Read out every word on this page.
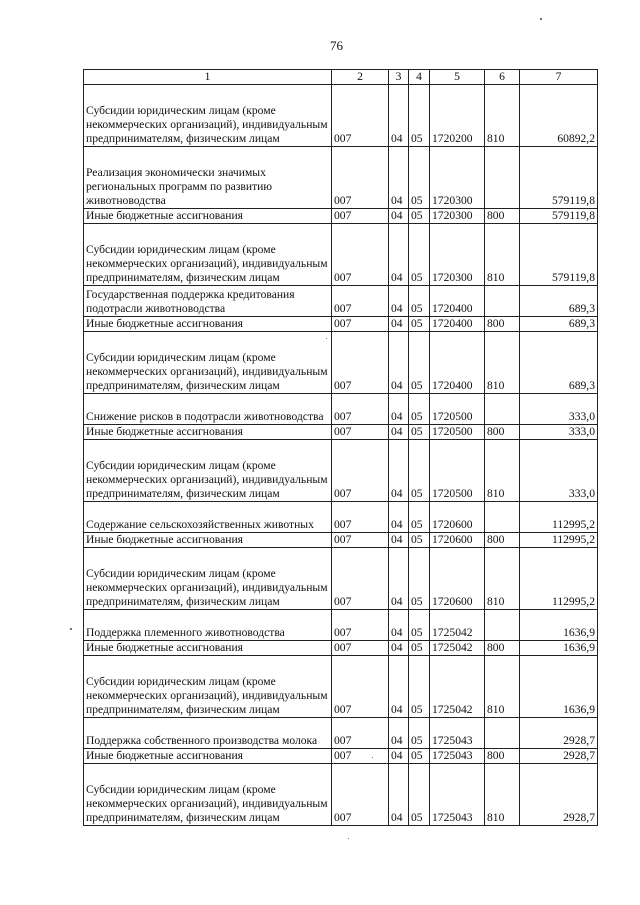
76
1	2	3	4	5	6	7
Субсидии юридическим лицам (кроме некоммерческих организаций), индивидуальным предпринимателям, физическим лицам	007	04	05	1720200	810	60892,2
Реализация экономически значимых региональных программ по развитию животноводства	007	04	05	1720300		579119,8
Иные бюджетные ассигнования	007	04	05	1720300	800	579119,8
Субсидии юридическим лицам (кроме некоммерческих организаций), индивидуальным предпринимателям, физическим лицам	007	04	05	1720300	810	579119,8
Государственная поддержка кредитования подотрасли животноводства	007	04	05	1720400		689,3
Иные бюджетные ассигнования	007	04	05	1720400	800	689,3
Субсидии юридическим лицам (кроме некоммерческих организаций), индивидуальным предпринимателям, физическим лицам	007	04	05	1720400	810	689,3
Снижение рисков в подотрасли животноводства	007	04	05	1720500		333,0
Иные бюджетные ассигнования	007	04	05	1720500	800	333,0
Субсидии юридическим лицам (кроме некоммерческих организаций), индивидуальным предпринимателям, физическим лицам	007	04	05	1720500	810	333,0
Содержание сельскохозяйственных животных	007	04	05	1720600		112995,2
Иные бюджетные ассигнования	007	04	05	1720600	800	112995,2
Субсидии юридическим лицам (кроме некоммерческих организаций), индивидуальным предпринимателям, физическим лицам	007	04	05	1720600	810	112995,2
Поддержка племенного животноводства	007	04	05	1725042		1636,9
Иные бюджетные ассигнования	007	04	05	1725042	800	1636,9
Субсидии юридическим лицам (кроме некоммерческих организаций), индивидуальным предпринимателям, физическим лицам	007	04	05	1725042	810	1636,9
Поддержка собственного производства молока	007	04	05	1725043		2928,7
Иные бюджетные ассигнования	007	04	05	1725043	800	2928,7
Субсидии юридическим лицам (кроме некоммерческих организаций), индивидуальным предпринимателям, физическим лицам	007	04	05	1725043	810	2928,7
